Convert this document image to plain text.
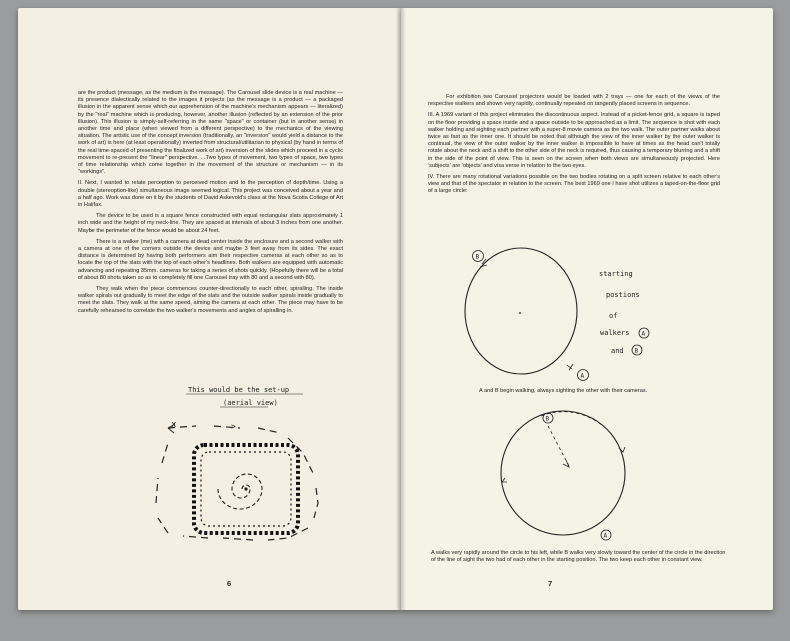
are the product (message, as the medium is the message). The Carousel slide device is a real machine — its presence dialectically related to the images it projects (as the message is a product — a packaged illusion in the apparent sense which our apprehension of the machine's mechanism appears — literalized) by the "real" machine which is producing, however, another illusion (reflected by an extension of the prior illusion). This illusion is simply-self-referring in the same "space" or container (but in another sense) in another time and place (when viewed from a different perspective) to the mechanics of the viewing situation. The artistic use of the concept inversion (traditionally, an "inversion" would yield a distance to the work of art) is here (at least operationally) inverted from structural/utilitarian to physical (by hand in terms of the real time-spaced of presenting the finalized work of art) inversion of the slides which proceed in a cyclic movement to re-present the "linear" perspective. . .Two types of movement, two types of space, two types of time relationship which come together in the movement of the structure or mechanism — in its "workings".

II. Next, I wanted to relate perception to perceived motion and to the perception of depth/time. Using a double (stereoption-like) simultaneous image seemed logical. This project was conceived about a year and a half ago. Work was done on it by the students of David Askevold's class at the Nova Scotia College of Art in Halifax.

The device to be used is a square fence constructed with equal rectangular slats approximately 1 inch wide and the height of my neck-line. They are spaced at intervals of about 3 inches from one another. Maybe the perimeter of the fence would be about 24 feet.

There is a walker (me) with a camera at dead center inside the enclosure and a second walker with a camera at one of the corners outside the device and maybe 3 feet away from its sides. The exact distance is determined by having both performers aim their respective cameras at each other so as to locate the top of the slats with the top of each other's headlines. Both walkers are equipped with automatic advancing and repeating 35mm. cameras for taking a series of shots quickly. (Hopefully there will be a total of about 80 shots taken so as to completely fill one Carousel tray with 80 and a second with 80).

They walk when the piece commences counter-directionally to each other, spiralling. The inside walker spirals out gradually to meet the edge of the slats and the outside walker spirals inside gradually to meet the slats. They walk at the same speed, aiming the camera at each other. The piece may have to be carefully rehearsed to correlate the two walker's movements and angles of spiralling in.

This would be the set-up
(aerial view)
x	>
6

For exhibition two Carousel projectors would be loaded with 2 trays — one for each of the views of the respective walkers and shown very rapidly, continually repeated on tangently placed screens in sequence.

III. A 1969 variant of this project eliminates the discontinuous aspect. Instead of a picket-fence grid, a square is taped on the floor providing a space inside and a space outside to be approached as a limit. The sequence is shot with each walker holding and sighting each partner with a super-8 movie camera as the two walk. The outer partner walks about twice as fast as the inner one. It should be noted that although the view of the inner walker by the outer walker is continual, the view of the outer walker by the inner walker is impossible to have at times as the head can't totally rotate about the neck and a shift to the other side of the neck is required, thus causing a temporary blurring and a shift in the side of the point of view. This is seen on the screen when both views are simultaneously projected. Here 'subjects' are 'objects' and visa verse in relation to the two eyes.

IV. There are many rotational variations possible on the two bodies rotating on a split screen relative to each other's view and that of the spectator in relation to the screen. The best 1969 one I have shot utilizes a taped-on-the-floor grid of a large circle:

B
A
starting
postions
of
walkers A
and B

A and B begin walking, always sighting the other with their cameras.

B
A

A walks very rapidly around the circle to his left, while B walks very slowly toward the center of the circle in the direction of the line of sight the two had of each other in the starting position. The two keep each other in constant view.

7
